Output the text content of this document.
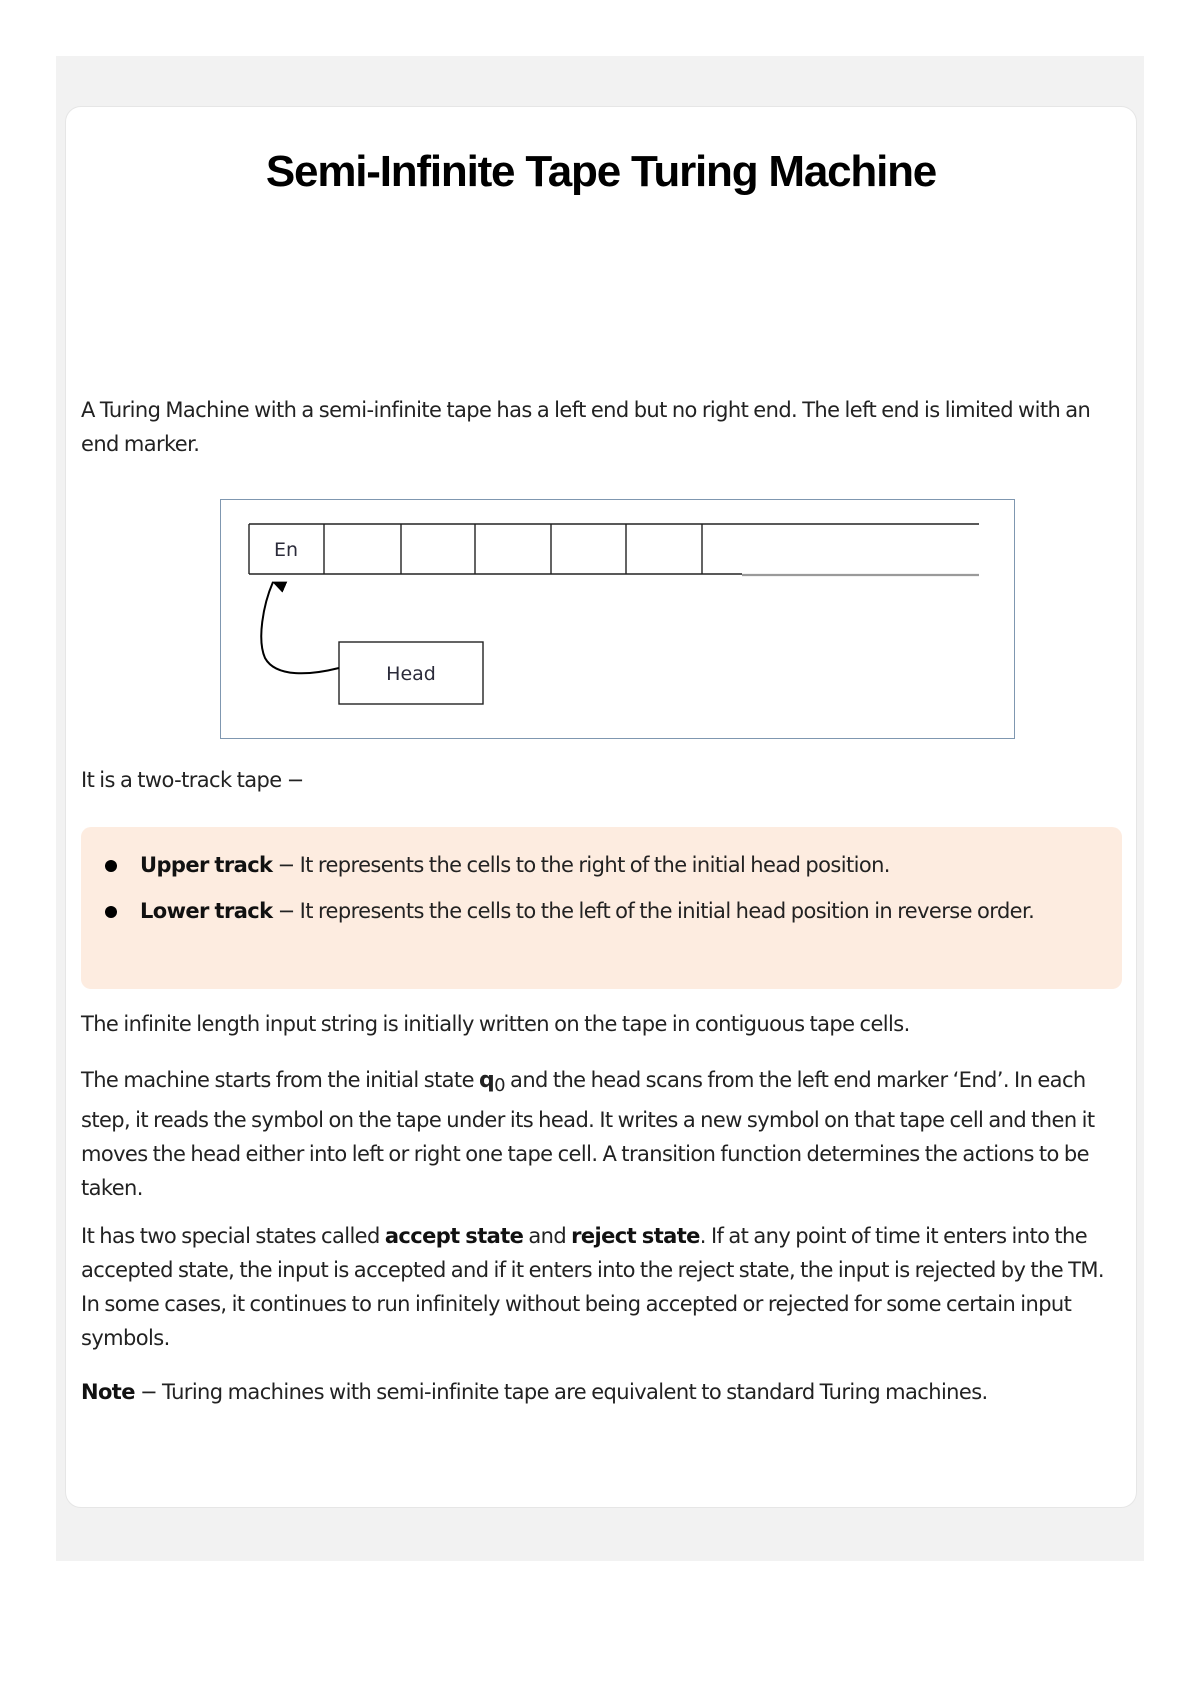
Semi-Infinite Tape Turing Machine

A Turing Machine with a semi-infinite tape has a left end but no right end. The left end is limited with an end marker.

En
Head

It is a two-track tape −

Upper track − It represents the cells to the right of the initial head position.
Lower track − It represents the cells to the left of the initial head position in reverse order.

The infinite length input string is initially written on the tape in contiguous tape cells.

The machine starts from the initial state $q_0$ and the head scans from the left end marker ‘End’. In each step, it reads the symbol on the tape under its head. It writes a new symbol on that tape cell and then it moves the head either into left or right one tape cell. A transition function determines the actions to be taken.

It has two special states called accept state and reject state. If at any point of time it enters into the accepted state, the input is accepted and if it enters into the reject state, the input is rejected by the TM. In some cases, it continues to run infinitely without being accepted or rejected for some certain input symbols.

Note − Turing machines with semi-infinite tape are equivalent to standard Turing machines.
